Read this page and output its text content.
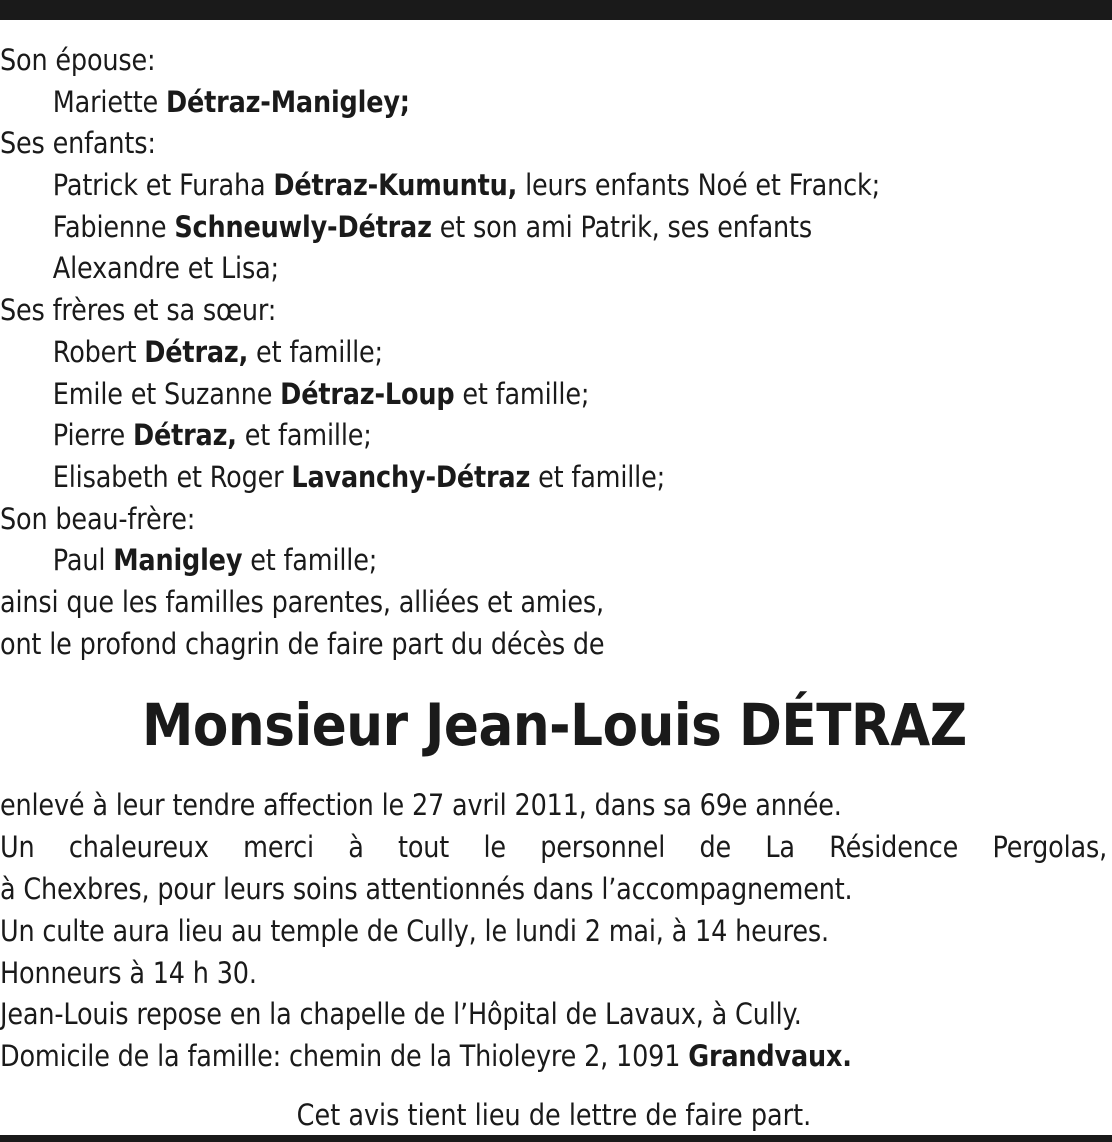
Son épouse:
Mariette Détraz-Manigley;
Ses enfants:
Patrick et Furaha Détraz-Kumuntu, leurs enfants Noé et Franck;
Fabienne Schneuwly-Détraz et son ami Patrik, ses enfants
Alexandre et Lisa;
Ses frères et sa sœur:
Robert Détraz, et famille;
Emile et Suzanne Détraz-Loup et famille;
Pierre Détraz, et famille;
Elisabeth et Roger Lavanchy-Détraz et famille;
Son beau-frère:
Paul Manigley et famille;
ainsi que les familles parentes, alliées et amies,
ont le profond chagrin de faire part du décès de
Monsieur Jean-Louis DÉTRAZ
enlevé à leur tendre affection le 27 avril 2011, dans sa 69e année.
Un chaleureux merci à tout le personnel de La Résidence Pergolas,
à Chexbres, pour leurs soins attentionnés dans l’accompagnement.
Un culte aura lieu au temple de Cully, le lundi 2 mai, à 14 heures.
Honneurs à 14 h 30.
Jean-Louis repose en la chapelle de l’Hôpital de Lavaux, à Cully.
Domicile de la famille: chemin de la Thioleyre 2, 1091 Grandvaux.
Cet avis tient lieu de lettre de faire part.
